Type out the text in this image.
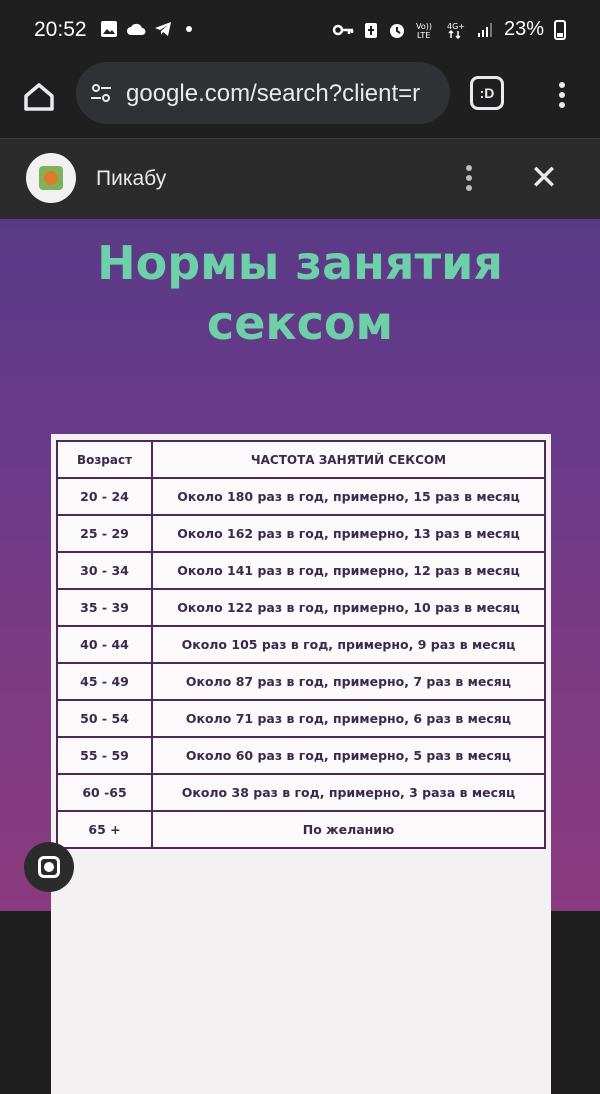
20:52	Vo))
LTE
4G+ 23%
google.com/search?client=r	:D
Пикабу	✕
Нормы занятия
сексом
Возраст	ЧАСТОТА ЗАНЯТИЙ СЕКСОМ
20 - 24	Около 180 раз в год, примерно, 15 раз в месяц
25 - 29	Около 162 раз в год, примерно, 13 раз в месяц
30 - 34	Около 141 раз в год, примерно, 12 раз в месяц
35 - 39	Около 122 раз в год, примерно, 10 раз в месяц
40 - 44	Около 105 раз в год, примерно, 9 раз в месяц
45 - 49	Около 87 раз в год, примерно, 7 раз в месяц
50 - 54	Около 71 раз в год, примерно, 6 раз в месяц
55 - 59	Около 60 раз в год, примерно, 5 раз в месяц
60 -65	Около 38 раз в год, примерно, 3 раза в месяц
65 +	По желанию
